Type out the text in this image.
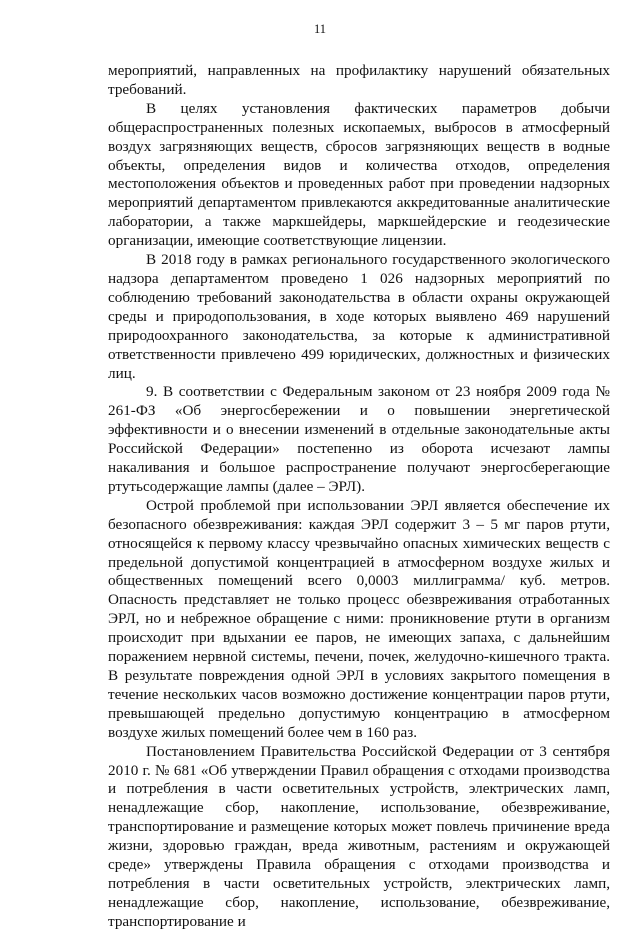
11

мероприятий, направленных на профилактику нарушений обязательных требований.

В целях установления фактических параметров добычи общераспространенных полезных ископаемых, выбросов в атмосферный воздух загрязняющих веществ, сбросов загрязняющих веществ в водные объекты, определения видов и количества отходов, определения местоположения объектов и проведенных работ при проведении надзорных мероприятий департаментом привлекаются аккредитованные аналитические лаборатории, а также маркшейдеры, маркшейдерские и геодезические организации, имеющие соответствующие лицензии.

В 2018 году в рамках регионального государственного экологического надзора департаментом проведено 1 026 надзорных мероприятий по соблюдению требований законодательства в области охраны окружающей среды и природопользования, в ходе которых выявлено 469 нарушений природоохранного законодательства, за которые к административной ответственности привлечено 499 юридических, должностных и физических лиц.

9. В соответствии с Федеральным законом от 23 ноября 2009 года № 261-ФЗ «Об энергосбережении и о повышении энергетической эффективности и о внесении изменений в отдельные законодательные акты Российской Федерации» постепенно из оборота исчезают лампы накаливания и большое распространение получают энергосберегающие ртутьсодержащие лампы (далее – ЭРЛ).

Острой проблемой при использовании ЭРЛ является обеспечение их безопасного обезвреживания: каждая ЭРЛ содержит 3 – 5 мг паров ртути, относящейся к первому классу чрезвычайно опасных химических веществ с предельной допустимой концентрацией в атмосферном воздухе жилых и общественных помещений всего 0,0003 миллиграмма/ куб. метров. Опасность представляет не только процесс обезвреживания отработанных ЭРЛ, но и небрежное обращение с ними: проникновение ртути в организм происходит при вдыхании ее паров, не имеющих запаха, с дальнейшим поражением нервной системы, печени, почек, желудочно-кишечного тракта. В результате повреждения одной ЭРЛ в условиях закрытого помещения в течение нескольких часов возможно достижение концентрации паров ртути, превышающей предельно допустимую концентрацию в атмосферном воздухе жилых помещений более чем в 160 раз.

Постановлением Правительства Российской Федерации от 3 сентября 2010 г. № 681 «Об утверждении Правил обращения с отходами производства и потребления в части осветительных устройств, электрических ламп, ненадлежащие сбор, накопление, использование, обезвреживание, транспортирование и размещение которых может повлечь причинение вреда жизни, здоровью граждан, вреда животным, растениям и окружающей среде» утверждены Правила обращения с отходами производства и потребления в части осветительных устройств, электрических ламп, ненадлежащие сбор, накопление, использование, обезвреживание, транспортирование и
